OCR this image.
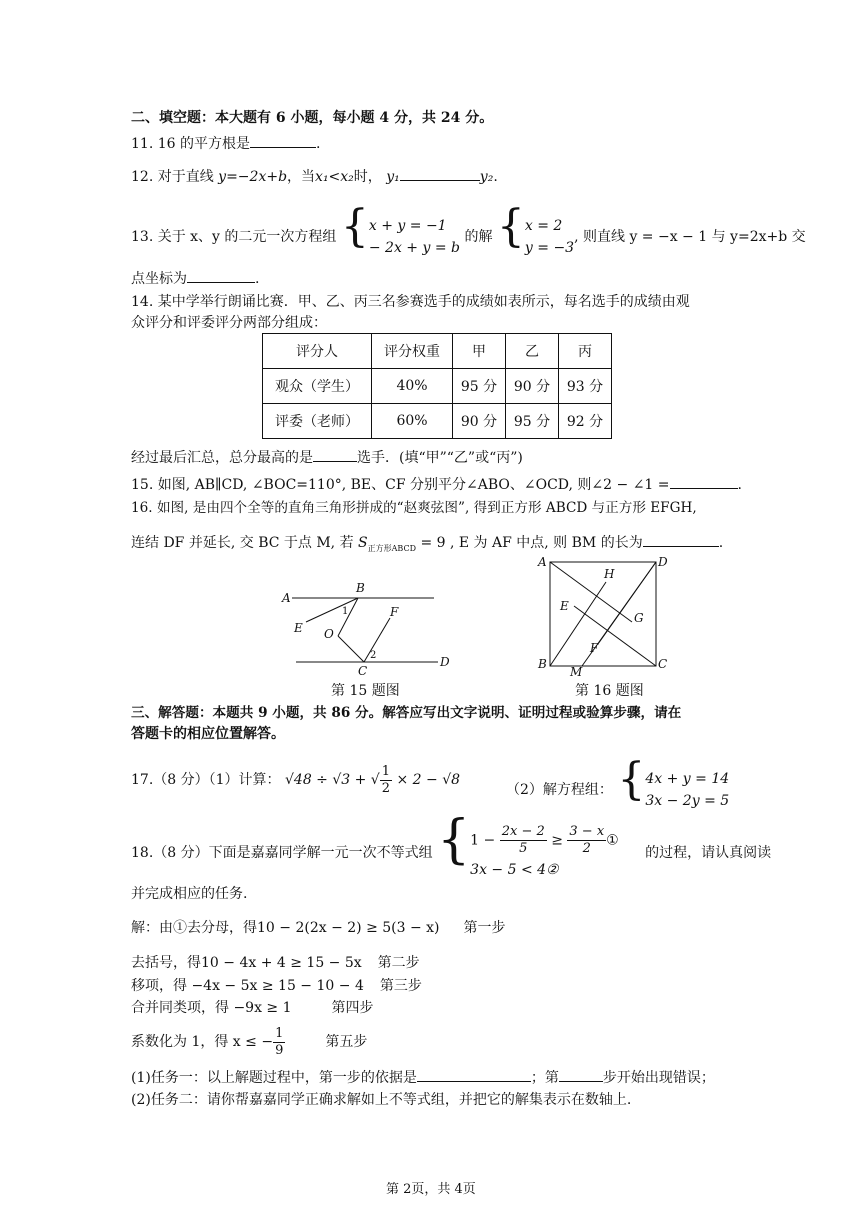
二、填空题：本大题有 6 小题，每小题 4 分，共 24 分。
11. 16 的平方根是	.
12. 对于直线 y=−2x+b，当x₁<x₂时， y₁	y₂.
13. 关于 x、y 的二元一次方程组 { x + y = −1
− 2x + y = b
的解 { x = 2
y = −3
, 则直线 y = −x − 1 与 y=2x+b 交
点坐标为	.
14. 某中学举行朗诵比赛．甲、乙、丙三名参赛选手的成绩如表所示，每名选手的成绩由观
众评分和评委评分两部分组成：
评分人	评分权重	甲	乙	丙
观众（学生）	40%	95 分	90 分	93 分
评委（老师）	60%	90 分	95 分	92 分
经过最后汇总，总分最高的是	选手．(填“甲”“乙”或“丙”)
15. 如图, AB∥CD, ∠BOC=110°, BE、CF 分别平分∠ABO、∠OCD, 则∠2 − ∠1 =	.
16. 如图, 是由四个全等的直角三角形拼成的“赵爽弦图”, 得到正方形 ABCD 与正方形 EFGH,
连结 DF 并延长, 交 BC 于点 M, 若 $S_{正方形ABCD} = 9$ , E 为 AF 中点, 则 BM 的长为	.
A
B
C
D
E
F
O
1
2
第 15 题图
A	D
B	C
H
E
G
F
M
第 16 题图
三、解答题：本题共 9 小题，共 86 分。解答应写出文字说明、证明过程或验算步骤，请在
答题卡的相应位置解答。
17.（8 分）（1）计算： √48 ÷ √3 + √ $\frac{1}{2} \times 2 - √8$
（2）解方程组： { 4x + y = 14
3x − 2y = 5
18.（8 分）下面是嘉嘉同学解一元一次不等式组 { $1 - \frac{2x - 2}{5} \ge \frac{3 - x}{2}$ ①
3x − 5 < 4②
的过程，请认真阅读
并完成相应的任务.
解：由①去分母，得10 − 2(2x − 2) ≥ 5(3 − x) 第一步
去括号，得10 − 4x + 4 ≥ 15 − 5x 第二步
移项，得 −4x − 5x ≥ 15 − 10 − 4 第三步
合并同类项，得 −9x ≥ 1	第四步
系数化为 1，得 x ≤ − $\frac{1}{9}$	第五步
(1)任务一：以上解题过程中，第一步的依据是	；第	步开始出现错误；
(2)任务二：请你帮嘉嘉同学正确求解如上不等式组，并把它的解集表示在数轴上.
第 2页，共 4页
